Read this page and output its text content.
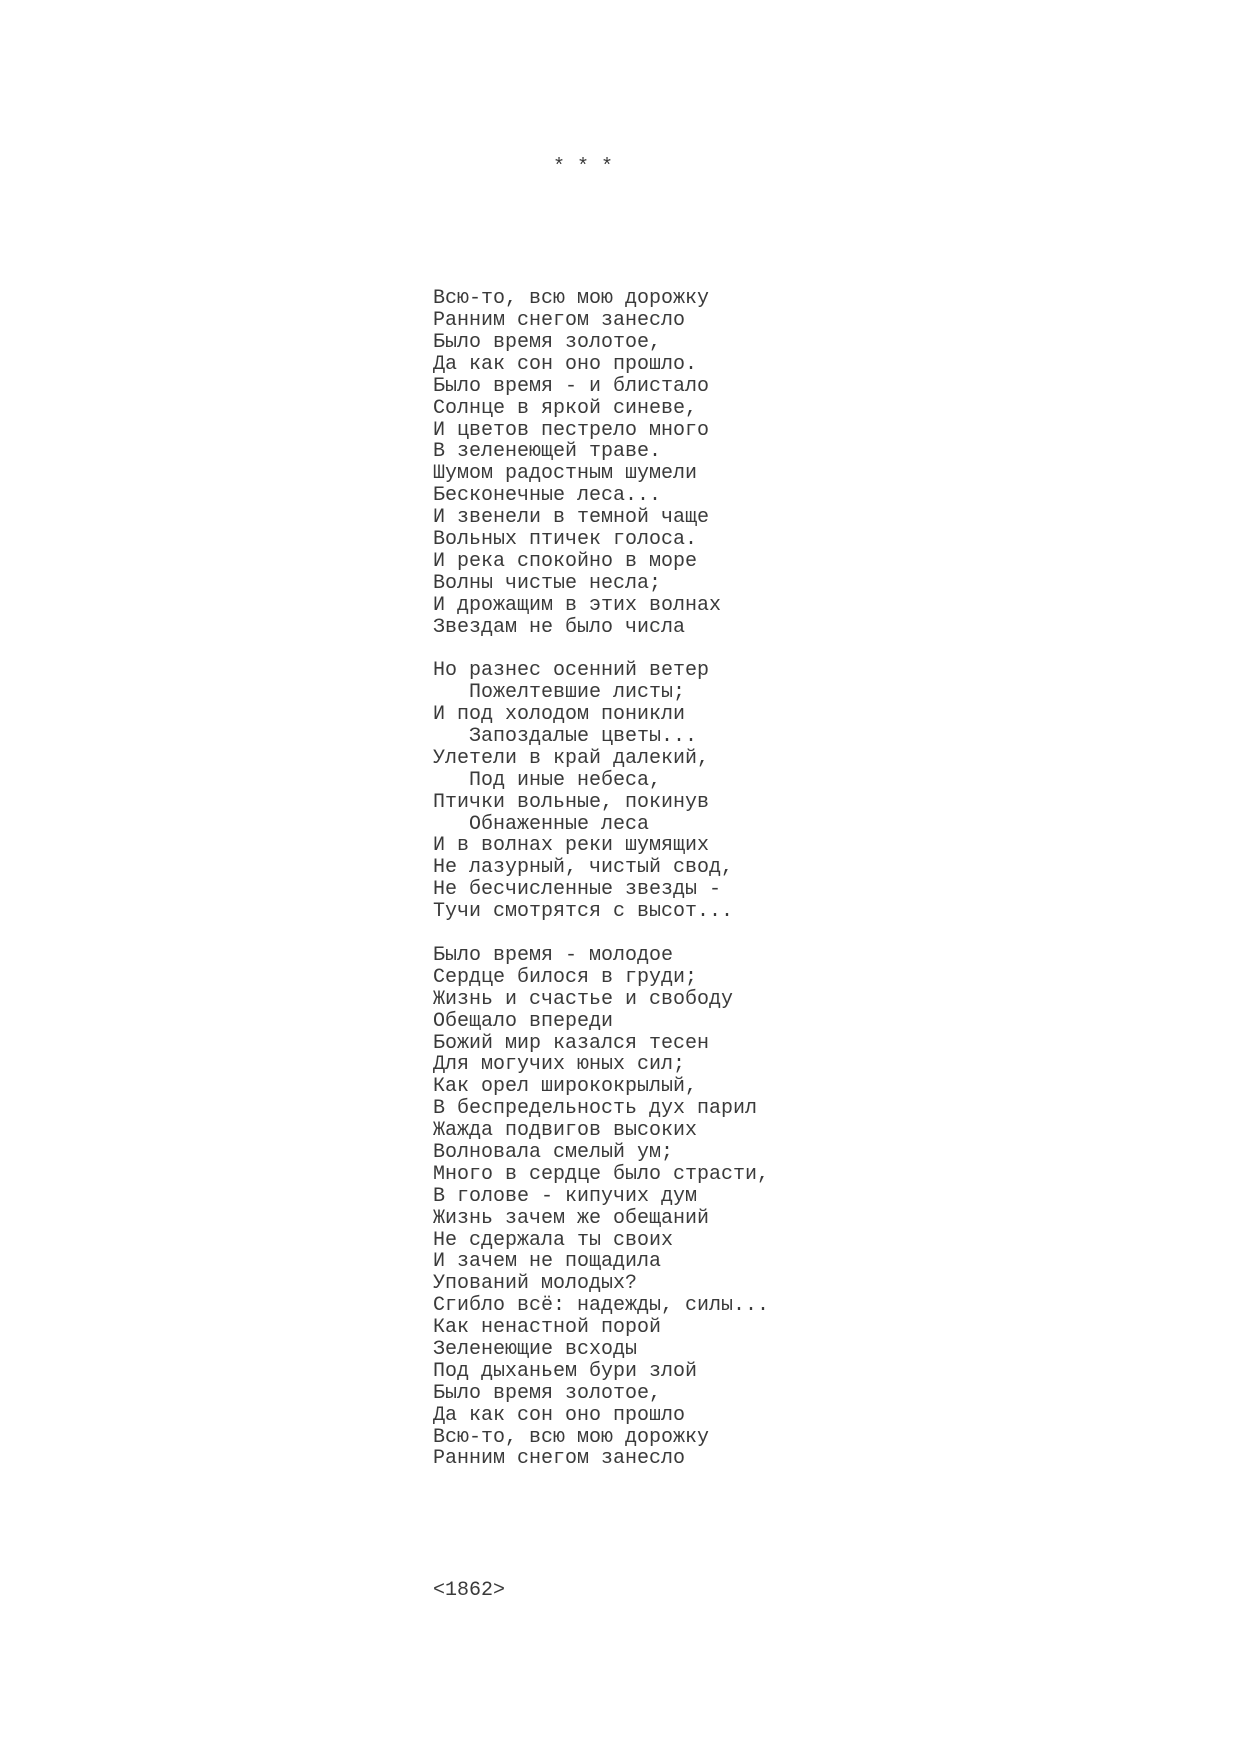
* * *

Всю-то, всю мою дорожку
Ранним снегом занесло
Было время золотое,
Да как сон оно прошло.
Было время - и блистало
Солнце в яркой синеве,
И цветов пестрело много
В зеленеющей траве.
Шумом радостным шумели
Бесконечные леса...
И звенели в темной чаще
Вольных птичек голоса.
И река спокойно в море
Волны чистые несла;
И дрожащим в этих волнах
Звездам не было числа
Но разнес осенний ветер
Пожелтевшие листы;
И под холодом поникли
Запоздалые цветы...
Улетели в край далекий,
Под иные небеса,
Птички вольные, покинув
Обнаженные леса
И в волнах реки шумящих
Не лазурный, чистый свод,
Не бесчисленные звезды -
Тучи смотрятся с высот...
Было время - молодое
Сердце билося в груди;
Жизнь и счастье и свободу
Обещало впереди
Божий мир казался тесен
Для могучих юных сил;
Как орел ширококрылый,
В беспредельность дух парил
Жажда подвигов высоких
Волновала смелый ум;
Много в сердце было страсти,
В голове - кипучих дум
Жизнь зачем же обещаний
Не сдержала ты своих
И зачем не пощадила
Упований молодых?
Сгибло всё: надежды, силы...
Как ненастной порой
Зеленеющие всходы
Под дыханьем бури злой
Было время золотое,
Да как сон оно прошло
Всю-то, всю мою дорожку
Ранним снегом занесло

<1862>
